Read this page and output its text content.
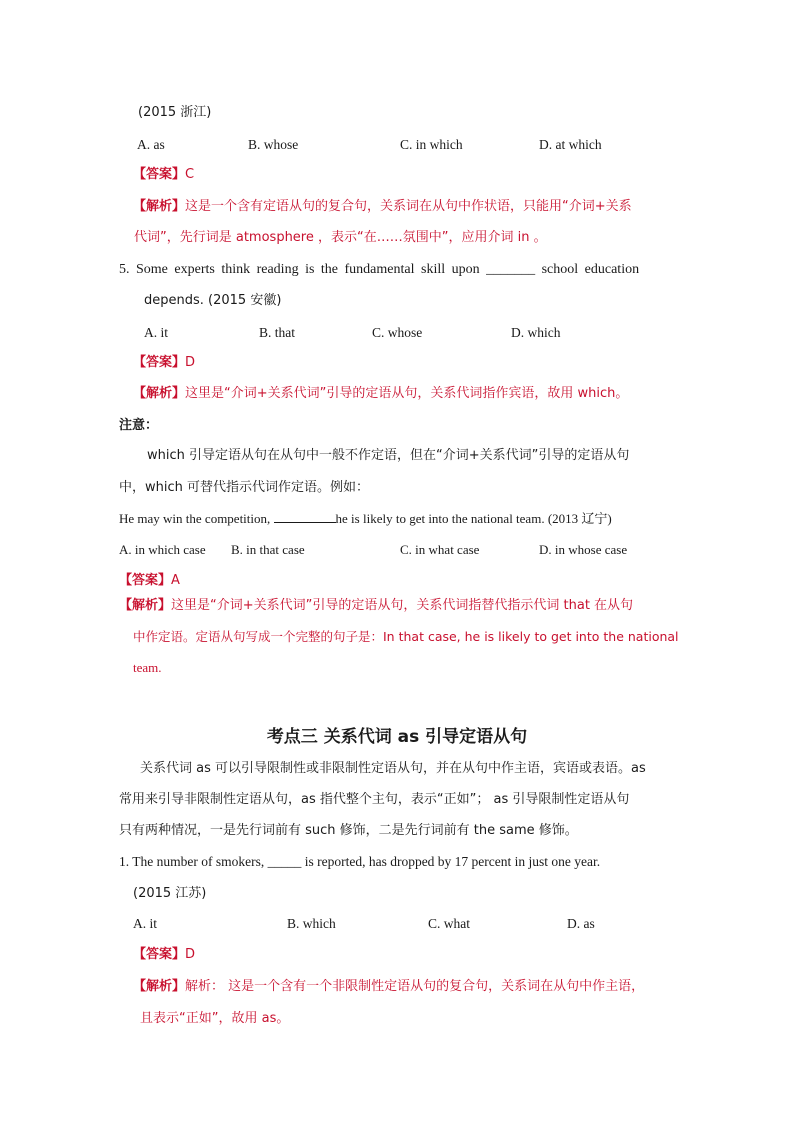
(2015 浙江)
A. as	B. whose	C. in which	D. at which
【答案】C
【解析】这是一个含有定语从句的复合句，关系词在从句中作状语，只能用“介词+关系
代词”，先行词是 atmosphere ，表示“在……氛围中”，应用介词 in 。
5. Some experts think reading is the fundamental skill upon _______ school education
depends. (2015 安徽)
A. it	B. that	C. whose	D. which
【答案】D
【解析】这里是“介词+关系代词”引导的定语从句，关系代词指作宾语，故用 which。
注意：
which 引导定语从句在从句中一般不作定语，但在“介词+关系代词”引导的定语从句
中，which 可替代指示代词作定语。例如：
He may win the competition,	he is likely to get into the national team. (2013 辽宁)
A. in which case B. in that case	C. in what case	D. in whose case
【答案】A
【解析】这里是“介词+关系代词”引导的定语从句，关系代词指替代指示代词 that 在从句
中作定语。定语从句写成一个完整的句子是：In that case, he is likely to get into the national
team.
考点三 关系代词 as 引导定语从句
关系代词 as 可以引导限制性或非限制性定语从句，并在从句中作主语，宾语或表语。as
常用来引导非限制性定语从句，as 指代整个主句，表示“正如”； as 引导限制性定语从句
只有两种情况，一是先行词前有 such 修饰，二是先行词前有 the same 修饰。
1. The number of smokers, _____ is reported, has dropped by 17 percent in just one year.
(2015 江苏)
A. it	B. which	C. what	D. as
【答案】D
【解析】解析： 这是一个含有一个非限制性定语从句的复合句，关系词在从句中作主语，
且表示“正如”，故用 as。
